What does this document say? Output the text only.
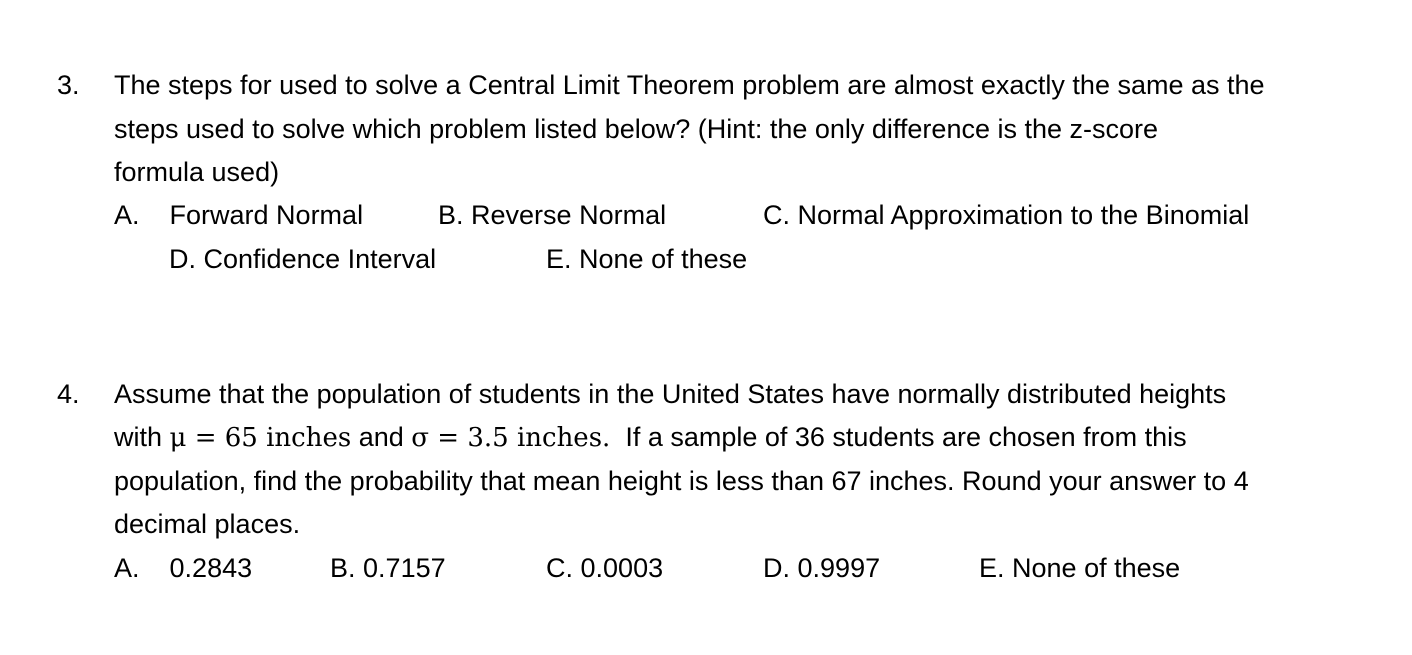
3. The steps for used to solve a Central Limit Theorem problem are almost exactly the same as the
steps used to solve which problem listed below? (Hint: the only difference is the z-score
formula used)
A. Forward Normal	B. Reverse Normal	C. Normal Approximation to the Binomial
D. Confidence Interval	E. None of these
4. Assume that the population of students in the United States have normally distributed heights
with μ = 65 inches and σ = 3.5 inches.  If a sample of 36 students are chosen from this
population, find the probability that mean height is less than 67 inches. Round your answer to 4
decimal places.
A. 0.2843	B. 0.7157	C. 0.0003	D. 0.9997	E. None of these
